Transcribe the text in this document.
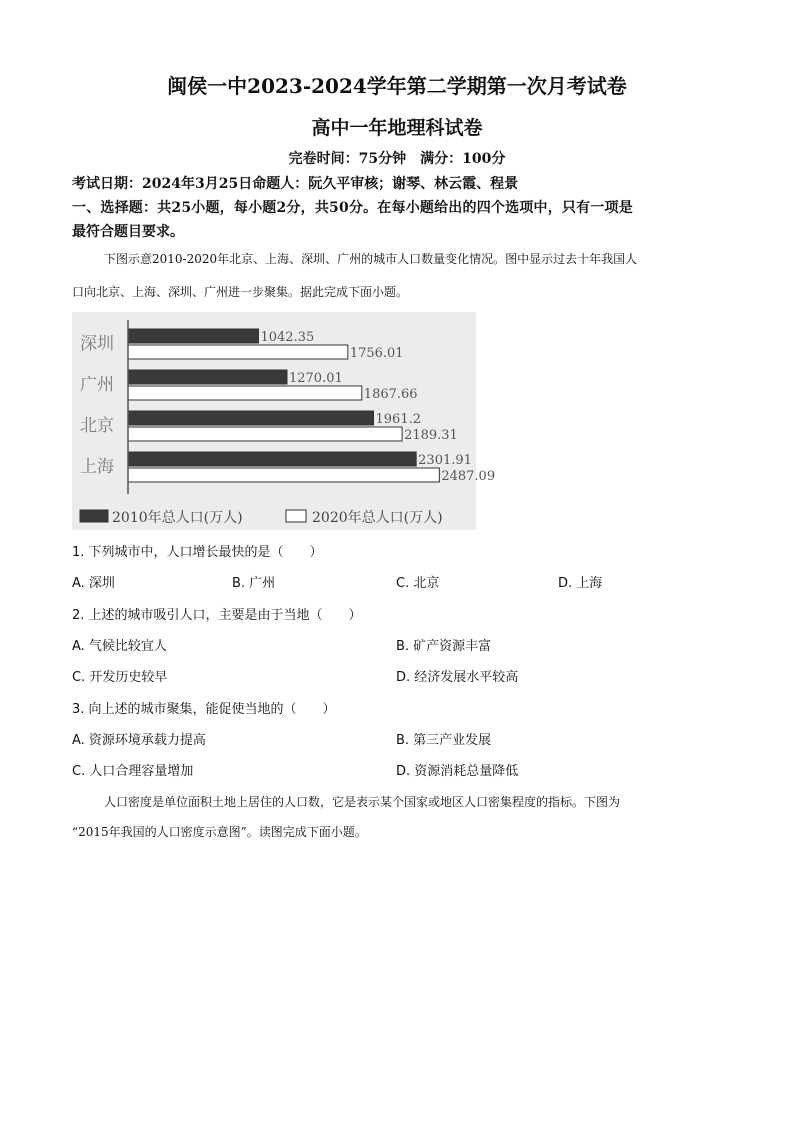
闽侯一中2023-2024学年第二学期第一次月考试卷
高中一年地理科试卷
完卷时间：75分钟　满分：100分
考试日期：2024年3月25日命题人：阮久平审核；谢琴、林云霞、程景
一、选择题：共25小题，每小题2分，共50分。在每小题给出的四个选项中，只有一项是
最符合题目要求。
下图示意2010-2020年北京、上海、深圳、广州的城市人口数量变化情况。图中显示过去十年我国人
口向北京、上海、深圳、广州进一步聚集。据此完成下面小题。
深圳	1042.35
1756.01
广州	1270.01
1867.66
北京	1961.2
2189.31
上海	2301.91
2487.09
2010年总人口(万人)	2020年总人口(万人)
1. 下列城市中，人口增长最快的是（　　）
A. 深圳	B. 广州	C. 北京	D. 上海
2. 上述的城市吸引人口，主要是由于当地（　　）
A. 气候比较宜人	B. 矿产资源丰富
C. 开发历史较早	D. 经济发展水平较高
3. 向上述的城市聚集，能促使当地的（　　）
A. 资源环境承载力提高	B. 第三产业发展
C. 人口合理容量增加	D. 资源消耗总量降低
人口密度是单位面积土地上居住的人口数，它是表示某个国家或地区人口密集程度的指标。下图为
“2015年我国的人口密度示意图”。读图完成下面小题。
